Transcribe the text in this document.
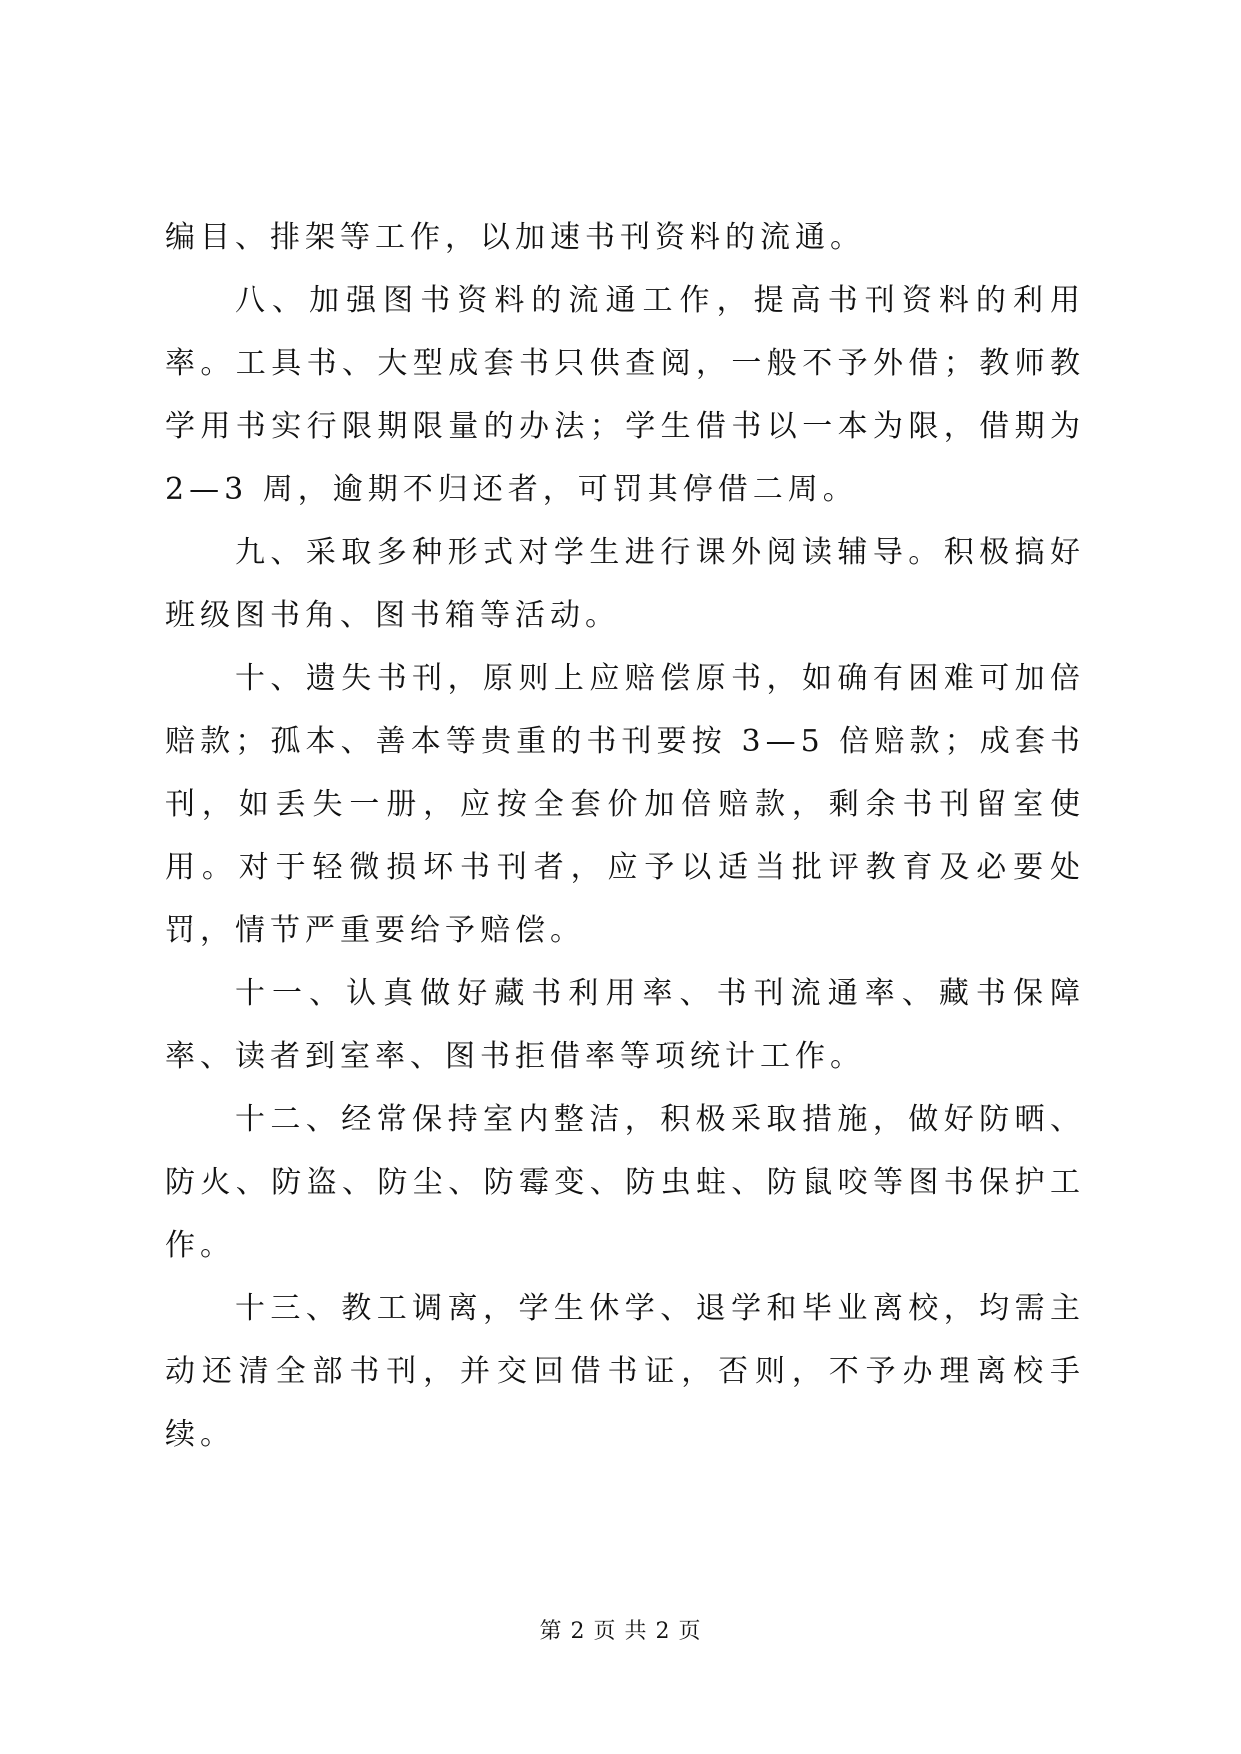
编目、排架等工作，以加速书刊资料的流通。

八、加强图书资料的流通工作，提高书刊资料的利用率。工具书、大型成套书只供查阅，一般不予外借；教师教学用书实行限期限量的办法；学生借书以一本为限，借期为 2—3 周，逾期不归还者，可罚其停借二周。

九、采取多种形式对学生进行课外阅读辅导。积极搞好班级图书角、图书箱等活动。

十、遗失书刊，原则上应赔偿原书，如确有困难可加倍赔款；孤本、善本等贵重的书刊要按 3—5 倍赔款；成套书刊，如丢失一册，应按全套价加倍赔款，剩余书刊留室使用。对于轻微损坏书刊者，应予以适当批评教育及必要处罚，情节严重要给予赔偿。

十一、认真做好藏书利用率、书刊流通率、藏书保障率、读者到室率、图书拒借率等项统计工作。

十二、经常保持室内整洁，积极采取措施，做好防晒、防火、防盗、防尘、防霉变、防虫蛀、防鼠咬等图书保护工作。

十三、教工调离，学生休学、退学和毕业离校，均需主动还清全部书刊，并交回借书证，否则，不予办理离校手续。

第 2 页 共 2 页
